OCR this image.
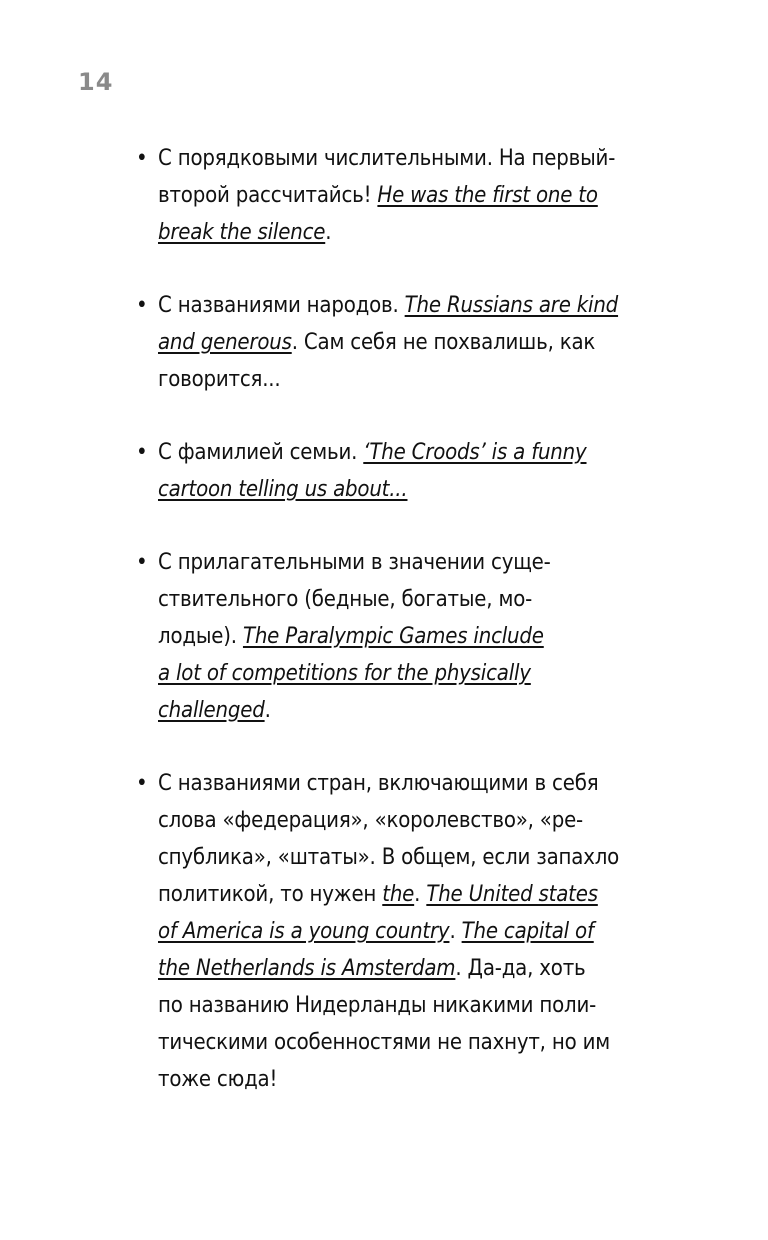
14
• С порядковыми числительными. На первый-
второй рассчитайсь! He was the first one to
break the silence.
• С названиями народов. The Russians are kind
and generous. Сам себя не похвалишь, как
говорится...
• С фамилией семьи. ‘The Croods’ is a funny
cartoon telling us about...
• С прилагательными в значении суще-
ствительного (бедные, богатые, мо-
лодые). The Paralympic Games include
a lot of competitions for the physically
challenged.
• С названиями стран, включающими в себя
слова «федерация», «королевство», «ре-
спублика», «штаты». В общем, если запахло
политикой, то нужен the. The United states
of America is a young country. The capital of
the Netherlands is Amsterdam. Да-да, хоть
по названию Нидерланды никакими поли-
тическими особенностями не пахнут, но им
тоже сюда!
